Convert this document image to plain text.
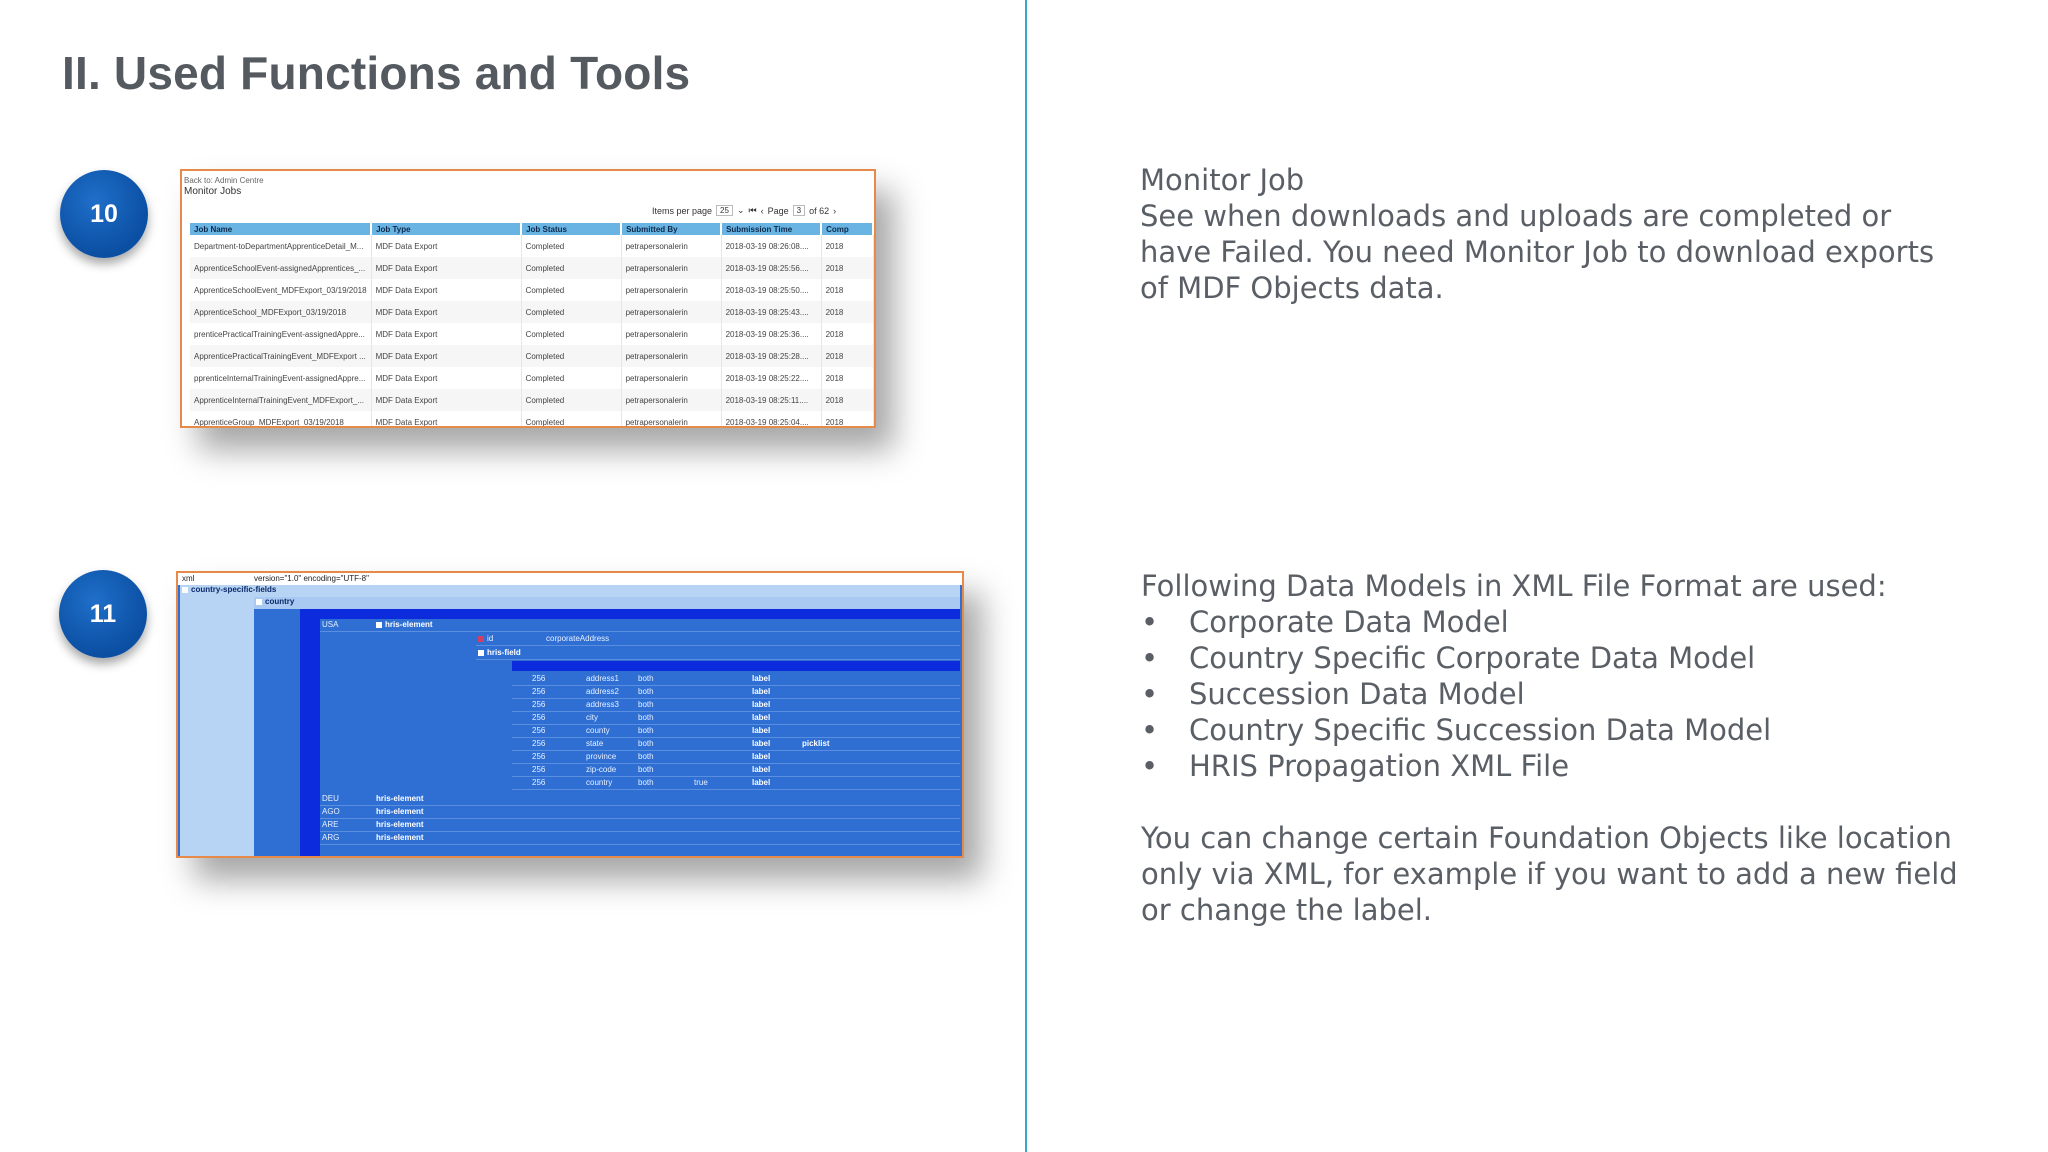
II. Used Functions and Tools
10
Back to: Admin Centre
Monitor Jobs
Items per page	25 ⌄ ⏮ ‹ Page	3 of 62 ›
Job Name	Job Type	Job Status	Submitted By	Submission Time	Comp
Department-toDepartmentApprenticeDetail_M...	MDF Data Export	Completed	petrapersonalerin	2018-03-19 08:26:08....	2018
ApprenticeSchoolEvent-assignedApprentices_...	MDF Data Export	Completed	petrapersonalerin	2018-03-19 08:25:56....	2018
ApprenticeSchoolEvent_MDFExport_03/19/2018	MDF Data Export	Completed	petrapersonalerin	2018-03-19 08:25:50....	2018
ApprenticeSchool_MDFExport_03/19/2018	MDF Data Export	Completed	petrapersonalerin	2018-03-19 08:25:43....	2018
prenticePracticalTrainingEvent-assignedAppre...	MDF Data Export	Completed	petrapersonalerin	2018-03-19 08:25:36....	2018
ApprenticePracticalTrainingEvent_MDFExport ...	MDF Data Export	Completed	petrapersonalerin	2018-03-19 08:25:28....	2018
pprenticeInternalTrainingEvent-assignedAppre...	MDF Data Export	Completed	petrapersonalerin	2018-03-19 08:25:22....	2018
ApprenticeInternalTrainingEvent_MDFExport_...	MDF Data Export	Completed	petrapersonalerin	2018-03-19 08:25:11....	2018
ApprenticeGroup_MDFExport_03/19/2018	MDF Data Export	Completed	petrapersonalerin	2018-03-19 08:25:04....	2018

Monitor Job

See when downloads and uploads are completed or have Failed. You need Monitor Job to download exports of MDF Objects data.

11
xml	version="1.0" encoding="UTF-8"
country-specific-fields
country
USA	hris-element
id	corporateAddress
hris-field
256	address1 both	label
256	address2 both	label
256	address3 both	label
256	city	both	label
256	county	both	label
256	state	both	label	picklist
256	province	both	label
256	zip-code	both	label
256	country	both	true	label
DEU	hris-element
AGO	hris-element
ARE	hris-element
ARG	hris-element

Following Data Models in XML File Format are used:

• Corporate Data Model
• Country Specific Corporate Data Model
• Succession Data Model
• Country Specific Succession Data Model
• HRIS Propagation XML File

You can change certain Foundation Objects like location only via XML, for example if you want to add a new field or change the label.
